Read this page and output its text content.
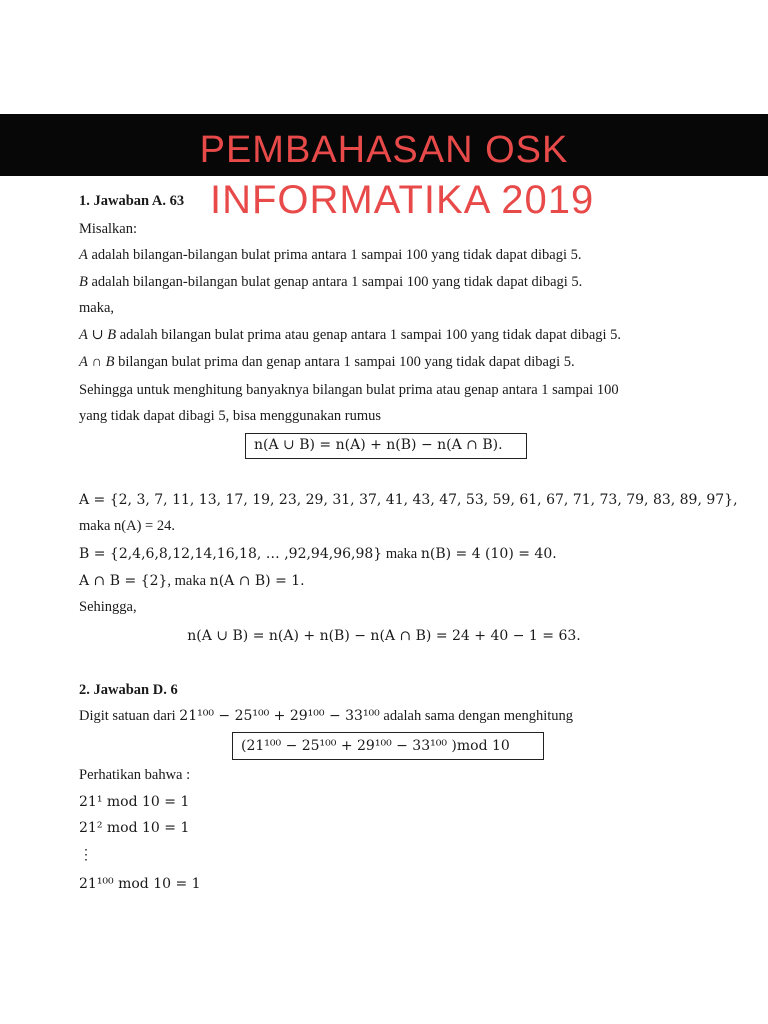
PEMBAHASAN OSK
INFORMATIKA 2019
1. Jawaban A. 63
Misalkan:
A adalah bilangan-bilangan bulat prima antara 1 sampai 100 yang tidak dapat dibagi 5.
B adalah bilangan-bilangan bulat genap antara 1 sampai 100 yang tidak dapat dibagi 5.
maka,
A ∪ B adalah bilangan bulat prima atau genap antara 1 sampai 100 yang tidak dapat dibagi 5.
A ∩ B bilangan bulat prima dan genap antara 1 sampai 100 yang tidak dapat dibagi 5.
Sehingga untuk menghitung banyaknya bilangan bulat prima atau genap antara 1 sampai 100
yang tidak dapat dibagi 5, bisa menggunakan rumus
n(A ∪ B) = n(A) + n(B) − n(A ∩ B).
A = {2, 3, 7, 11, 13, 17, 19, 23, 29, 31, 37, 41, 43, 47, 53, 59, 61, 67, 71, 73, 79, 83, 89, 97},
maka n(A) = 24.
B = {2,4,6,8,12,14,16,18, … ,92,94,96,98} maka n(B) = 4 (10) = 40.
A ∩ B = {2}, maka n(A ∩ B) = 1.
Sehingga,
n(A ∪ B) = n(A) + n(B) − n(A ∩ B) = 24 + 40 − 1 = 63.
2. Jawaban D. 6
Digit satuan dari 21¹⁰⁰ − 25¹⁰⁰ + 29¹⁰⁰ − 33¹⁰⁰ adalah sama dengan menghitung
(21¹⁰⁰ − 25¹⁰⁰ + 29¹⁰⁰ − 33¹⁰⁰ )mod 10
Perhatikan bahwa :
21¹ mod 10 = 1
21² mod 10 = 1
⋮
21¹⁰⁰ mod 10 = 1
